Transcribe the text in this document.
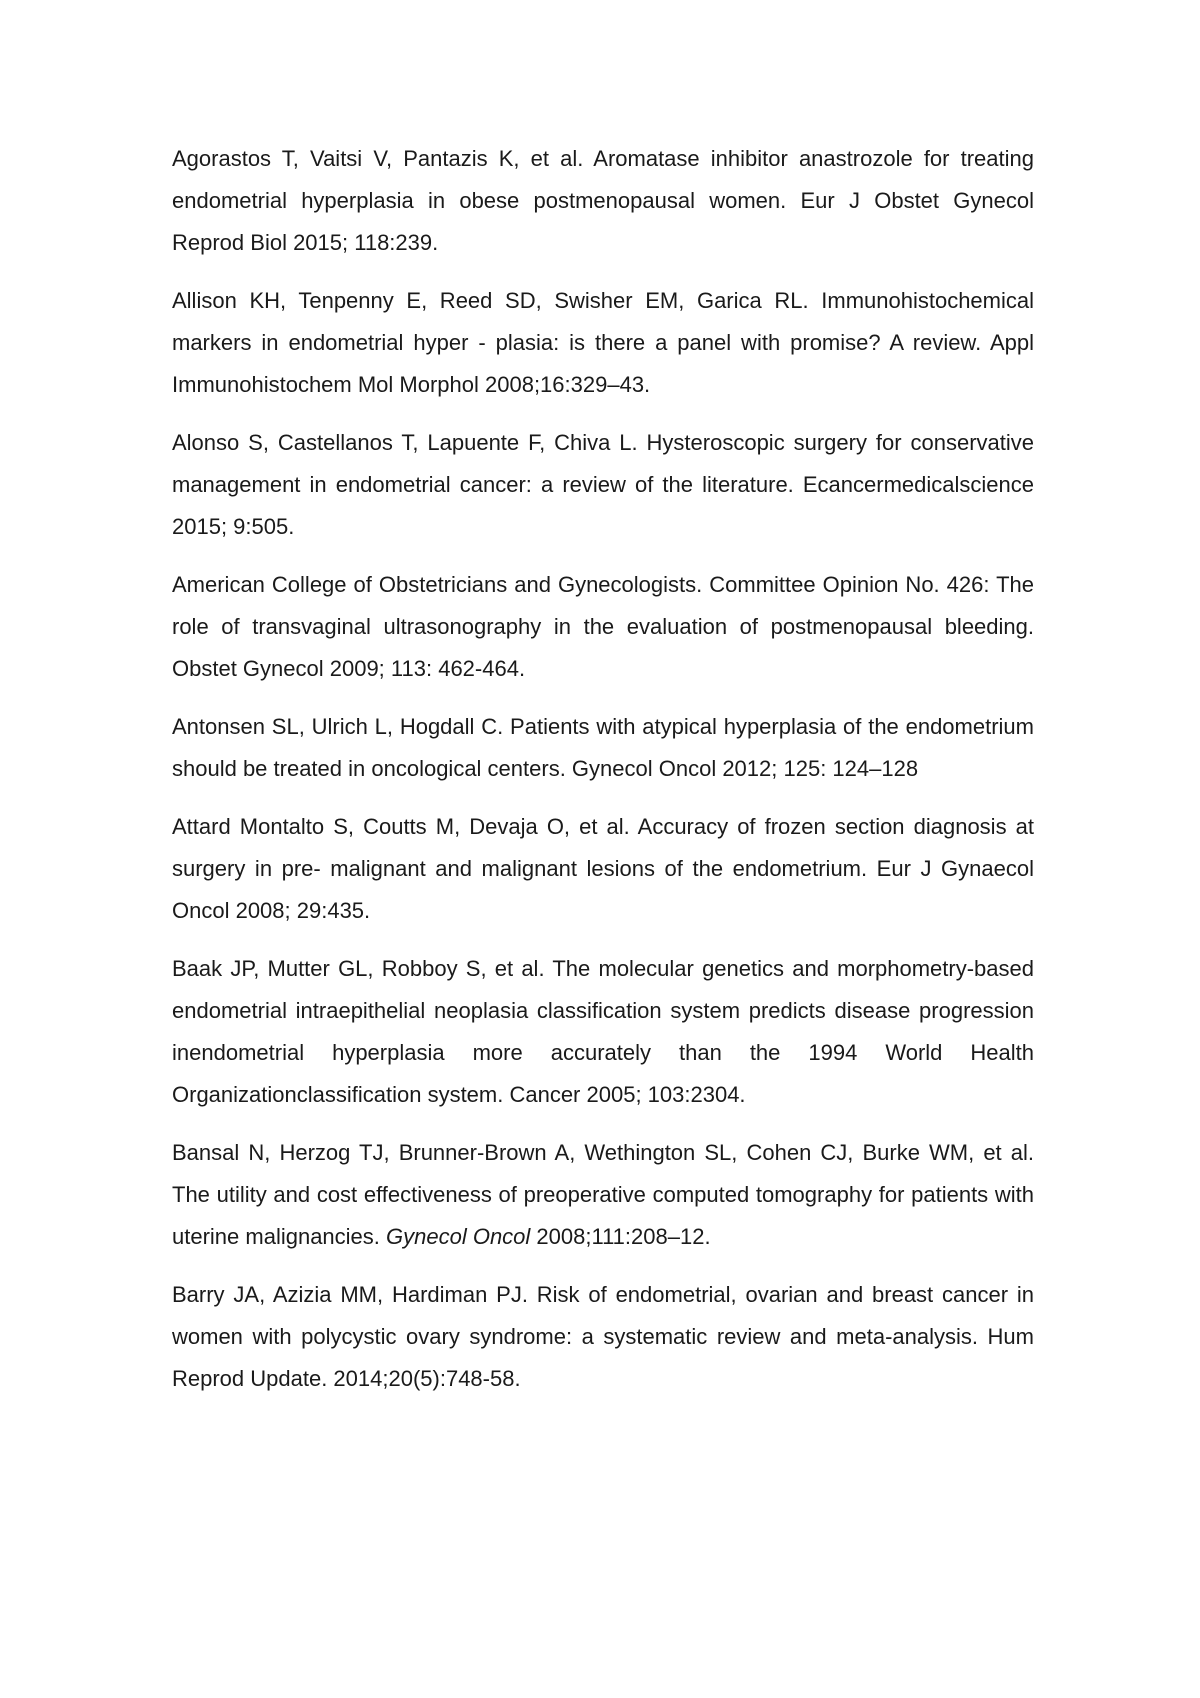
Agorastos T, Vaitsi V, Pantazis K, et al. Aromatase inhibitor anastrozole for treating endometrial hyperplasia in obese postmenopausal women. Eur J Obstet Gynecol Reprod Biol 2015; 118:239.

Allison KH, Tenpenny E, Reed SD, Swisher EM, Garica RL. Immunohistochemical markers in endometrial hyper - plasia: is there a panel with promise? A review. Appl Immunohistochem Mol Morphol 2008;16:329–43.

Alonso S, Castellanos T, Lapuente F, Chiva L. Hysteroscopic surgery for conservative management in endometrial cancer: a review of the literature. Ecancermedicalscience 2015; 9:505.

American College of Obstetricians and Gynecologists. Committee Opinion No. 426: The role of transvaginal ultrasonography in the evaluation of postmenopausal bleeding. Obstet Gynecol 2009; 113: 462-464.

Antonsen SL, Ulrich L, Hogdall C. Patients with atypical hyperplasia of the endometrium should be treated in oncological centers. Gynecol Oncol 2012; 125: 124–128

Attard Montalto S, Coutts M, Devaja O, et al. Accuracy of frozen section diagnosis at surgery in pre- malignant and malignant lesions of the endometrium. Eur J Gynaecol Oncol 2008; 29:435.

Baak JP, Mutter GL, Robboy S, et al. The molecular genetics and morphometry-based endometrial intraepithelial neoplasia classification system predicts disease progression inendometrial hyperplasia more accurately than the 1994 World Health Organizationclassification system. Cancer 2005; 103:2304.

Bansal N, Herzog TJ, Brunner-Brown A, Wethington SL, Cohen CJ, Burke WM, et al. The utility and cost effectiveness of preoperative computed tomography for patients with uterine malignancies. Gynecol Oncol 2008;111:208–12.

Barry JA, Azizia MM, Hardiman PJ. Risk of endometrial, ovarian and breast cancer in women with polycystic ovary syndrome: a systematic review and meta-analysis. Hum Reprod Update. 2014;20(5):748-58.
